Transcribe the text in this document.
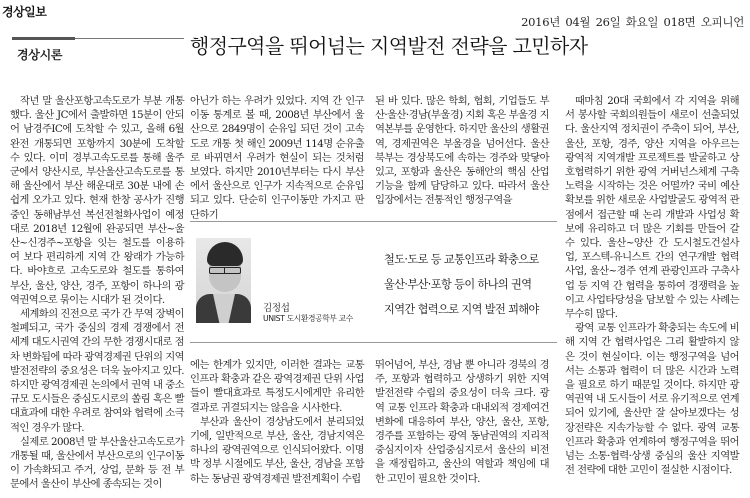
경상일보
2016년 04월 26일 화요일 018면 오피니언
경상시론	행정구역을 뛰어넘는 지역발전 전략을 고민하자

작년 말 울산포항고속도로가 부분 개통했다. 울산 JC에서 출발하면 15분이 안되어 남경주IC에 도착할 수 있고, 올해 6월 완전 개통되면 포항까지 30분에 도착할 수 있다. 이미 경부고속도로를 통해 울주군에서 양산시로, 부산울산고속도로를 통해 울산에서 부산 해운대로 30분 내에 손쉽게 오가고 있다. 현재 한창 공사가 진행 중인 동해남부선 복선전철화사업이 예정대로 2018년 12월에 완공되면 부산~울산~신경주~포항을 잇는 철도를 이용하여 보다 편리하게 지역 간 왕래가 가능하다. 바야흐로 고속도로와 철도를 통하여 부산, 울산, 양산, 경주, 포항이 하나의 광역권역으로 묶이는 시대가 된 것이다.

세계화의 진전으로 국가 간 무역 장벽이 철폐되고, 국가 중심의 경제 경쟁에서 전 세계 대도시권역 간의 무한 경쟁시대로 점차 변화됨에 따라 광역경제권 단위의 지역발전전략의 중요성은 더욱 높아지고 있다. 하지만 광역경제권 논의에서 권역 내 중소규모 도시들은 중심도시로의 쏠림 혹은 빨대효과에 대한 우려로 참여와 협력에 소극적인 경우가 많다.

실제로 2008년 말 부산울산고속도로가 개통될 때, 울산에서 부산으로의 인구이동이 가속화되고 주거, 상업, 문화 등 전 부문에서 울산이 부산에 종속되는 것이

아닌가 하는 우려가 있었다. 지역 간 인구이동 통계로 볼 때, 2008년 부산에서 울산으로 2849명이 순유입 되던 것이 고속도로 개통 첫 해인 2009년 114명 순유출로 바뀌면서 우려가 현실이 되는 것처럼 보였다. 하지만 2010년부터는 다시 부산에서 울산으로 인구가 지속적으로 순유입 되고 있다. 단순히 인구이동만 가지고 판단하기

된 바 있다. 많은 학회, 협회, 기업들도 부산·울산·경남(부울경) 지회 혹은 부울경 지역본부를 운영한다. 하지만 울산의 생활권역, 경제권역은 부울경을 넘어선다. 울산 북부는 경상북도에 속하는 경주와 맞닿아 있고, 포항과 울산은 동해안의 핵심 산업 기능을 함께 담당하고 있다. 따라서 울산 입장에서는 전통적인 행정구역을

김정섭
UNIST 도시환경공학부 교수
철도·도로 등 교통인프라 확충으로
울산·부산·포항 등이 하나의 권역
지역간 협력으로 지역 발전 꾀해야

에는 한계가 있지만, 이러한 결과는 교통인프라 확충과 같은 광역경제권 단위 사업들이 빨대효과로 특정도시에게만 유리한 결과로 귀결되지는 않음을 시사한다.

부산과 울산이 경상남도에서 분리되었기에, 일반적으로 부산, 울산, 경남지역은 하나의 광역권역으로 인식되어왔다. 이명박 정부 시절에도 부산, 울산, 경남을 포함하는 동남권 광역경제권 발전계획이 수립

뛰어넘어, 부산, 경남 뿐 아니라 경북의 경주, 포항과 협력하고 상생하기 위한 지역발전전략 수립의 중요성이 더욱 크다. 광역 교통 인프라 확충과 대내외적 경제여건 변화에 대응하여 부산, 양산, 울산, 포항, 경주를 포함하는 광역 동남권역의 지리적 중심지이자 산업중심지로서 울산의 비전을 재정립하고, 울산의 역할과 책임에 대한 고민이 필요한 것이다.

때마침 20대 국회에서 각 지역을 위해서 봉사할 국회의원들이 새로이 선출되었다. 울산지역 정치권이 주축이 되어, 부산, 울산, 포항, 경주, 양산 지역을 아우르는 광역적 지역개발 프로젝트를 발굴하고 상호협력하기 위한 광역 거버넌스체계 구축 노력을 시작하는 것은 어떨까? 국비 예산 확보를 위한 새로운 사업발굴도 광역적 관점에서 접근할 때 논리 개발과 사업성 확보에 유리하고 더 많은 기회를 만들어 갈 수 있다. 울산~양산 간 도시철도건설사업, 포스텍-유니스트 간의 연구개발 협력사업, 울산~경주 연계 관광인프라 구축사업 등 지역 간 협력을 통하여 경쟁력을 높이고 사업타당성을 담보할 수 있는 사례는 무수히 많다.

광역 교통 인프라가 확충되는 속도에 비해 지역 간 협력사업은 그리 활발하지 않은 것이 현실이다. 이는 행정구역을 넘어서는 소통과 협력이 더 많은 시간과 노력을 필요로 하기 때문일 것이다. 하지만 광역권역 내 도시들이 서로 유기적으로 연계되어 있기에, 울산만 잘 살아보겠다는 성장전략은 지속가능할 수 없다. 광역 교통 인프라 확충과 연계하여 행정구역을 뛰어넘는 소통·협력·상생 중심의 울산 지역발전 전략에 대한 고민이 절실한 시점이다.
